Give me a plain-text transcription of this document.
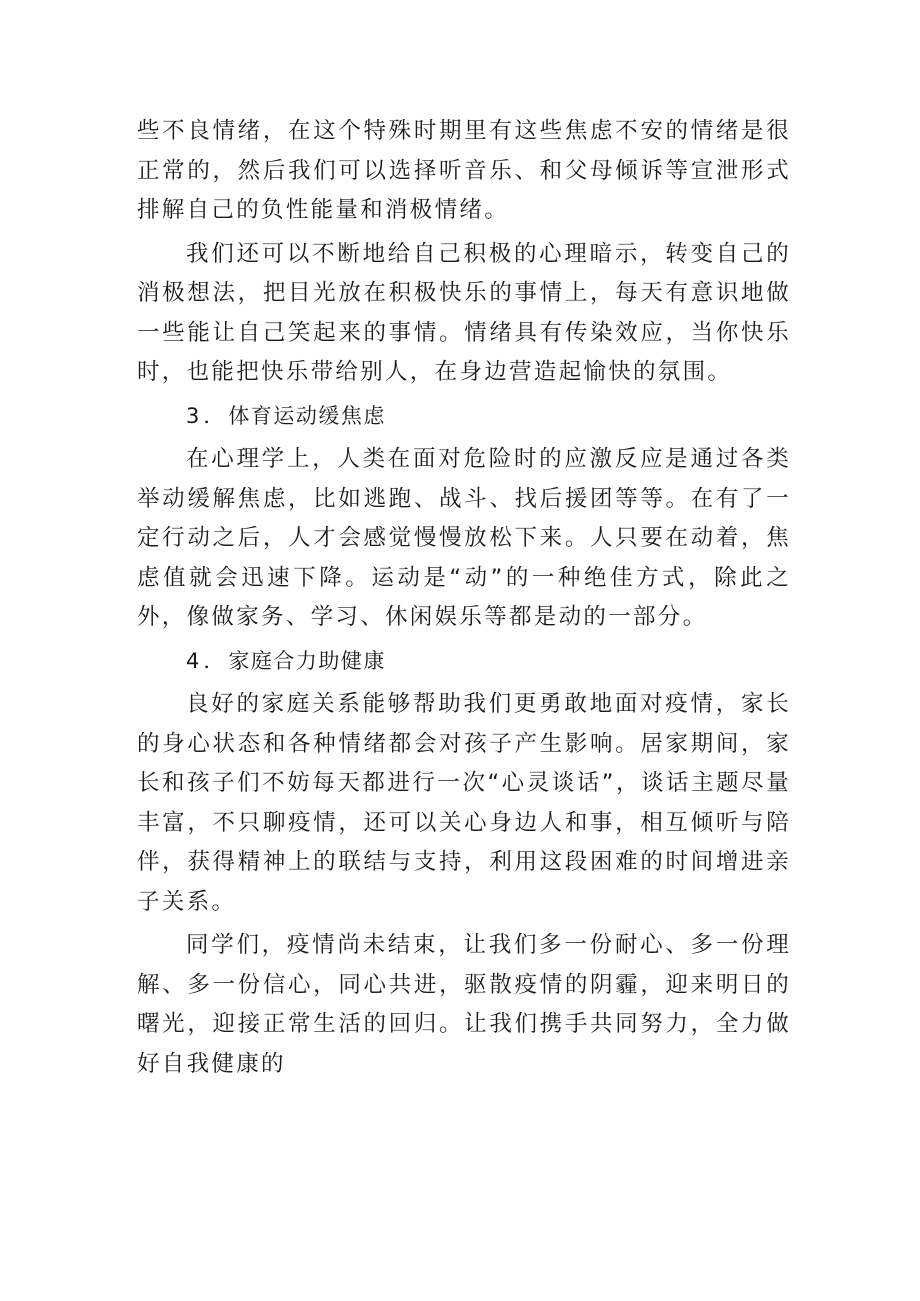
些不良情绪，在这个特殊时期里有这些焦虑不安的情绪是很正常的，然后我们可以选择听音乐、和父母倾诉等宣泄形式排解自己的负性能量和消极情绪。

我们还可以不断地给自己积极的心理暗示，转变自己的消极想法，把目光放在积极快乐的事情上，每天有意识地做一些能让自己笑起来的事情。情绪具有传染效应，当你快乐时，也能把快乐带给别人，在身边营造起愉快的氛围。

3．体育运动缓焦虑

在心理学上，人类在面对危险时的应激反应是通过各类举动缓解焦虑，比如逃跑、战斗、找后援团等等。在有了一定行动之后，人才会感觉慢慢放松下来。人只要在动着，焦虑值就会迅速下降。运动是“动”的一种绝佳方式，除此之外，像做家务、学习、休闲娱乐等都是动的一部分。

4．家庭合力助健康

良好的家庭关系能够帮助我们更勇敢地面对疫情，家长的身心状态和各种情绪都会对孩子产生影响。居家期间，家长和孩子们不妨每天都进行一次“心灵谈话”，谈话主题尽量丰富，不只聊疫情，还可以关心身边人和事，相互倾听与陪伴，获得精神上的联结与支持，利用这段困难的时间增进亲子关系。

同学们，疫情尚未结束，让我们多一份耐心、多一份理解、多一份信心，同心共进，驱散疫情的阴霾，迎来明日的曙光，迎接正常生活的回归。让我们携手共同努力，全力做好自我健康的
